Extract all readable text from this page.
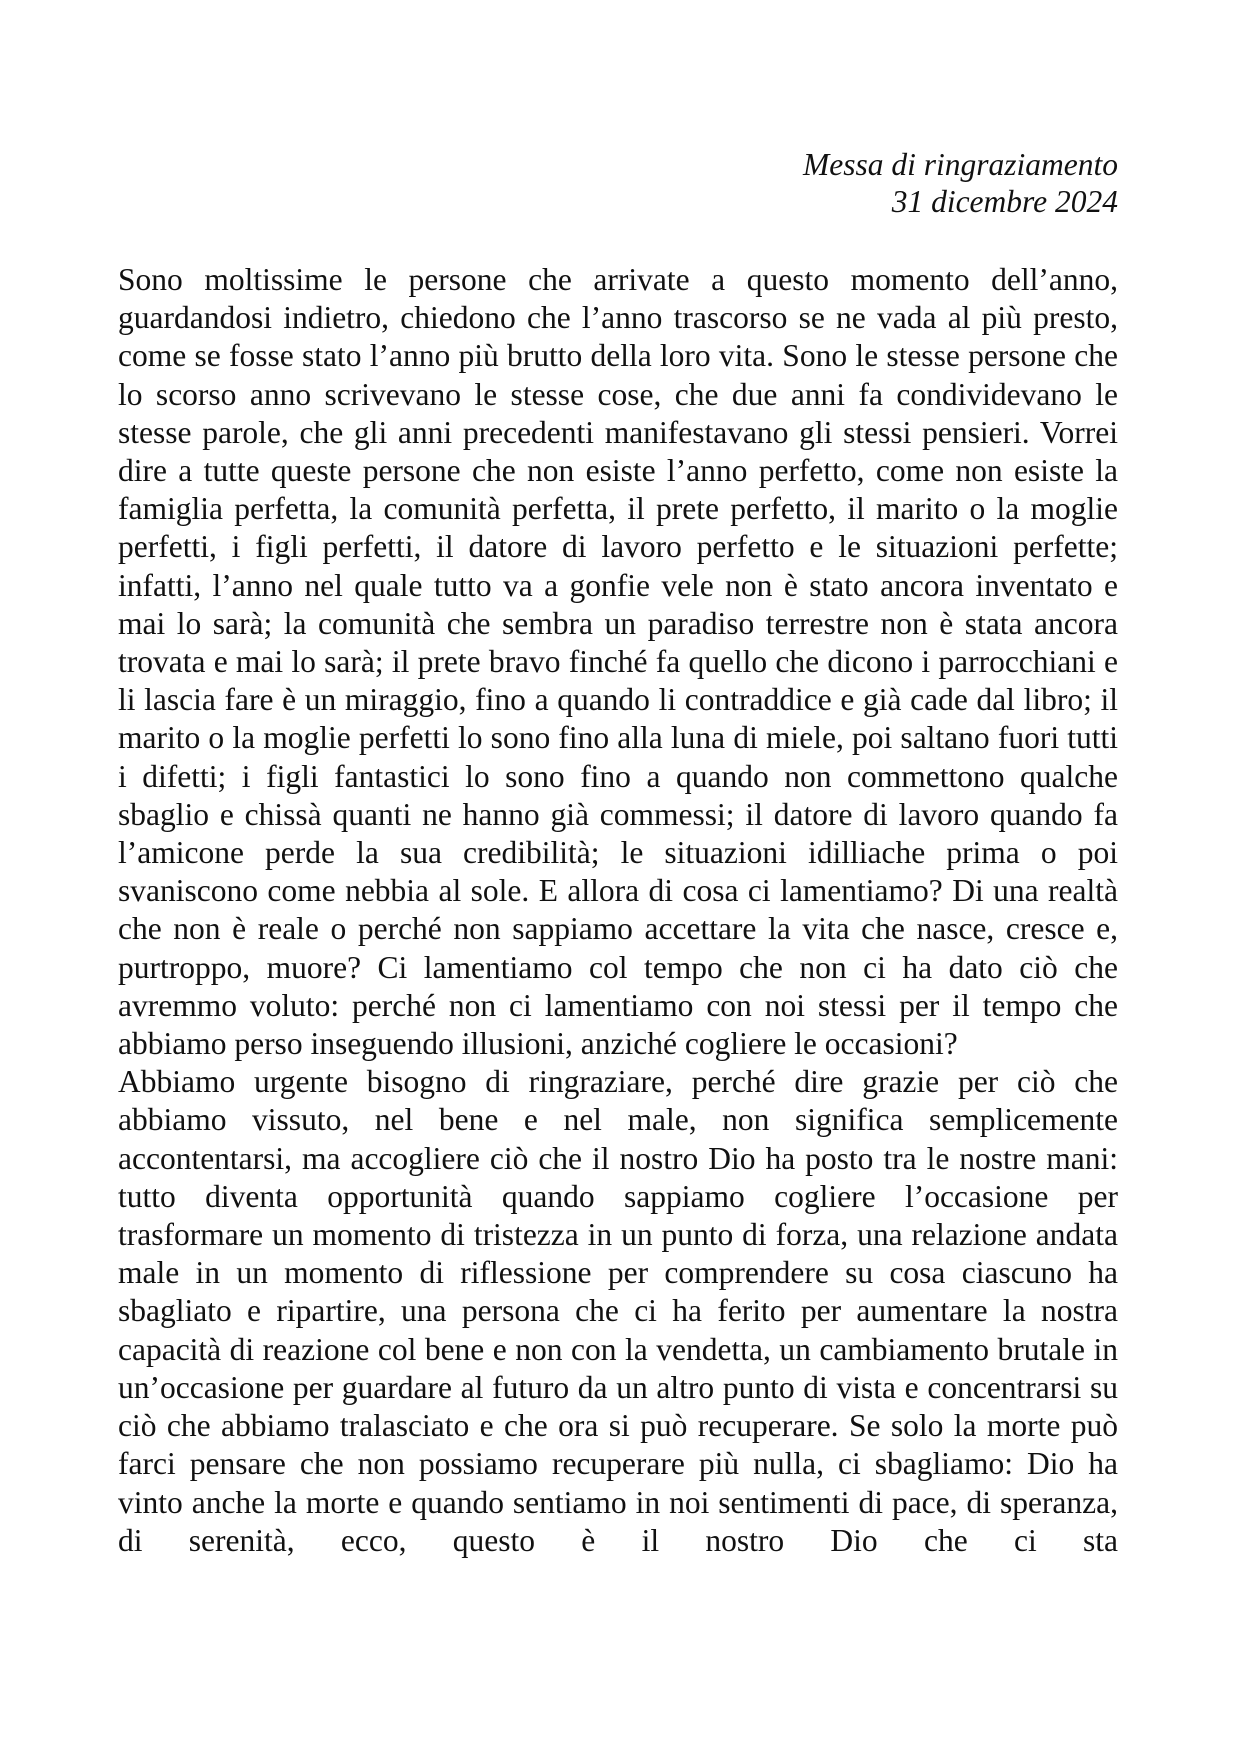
Messa di ringraziamento
31 dicembre 2024

Sono moltissime le persone che arrivate a questo momento dell’anno, guardandosi indietro, chiedono che l’anno trascorso se ne vada al più presto, come se fosse stato l’anno più brutto della loro vita. Sono le stesse persone che lo scorso anno scrivevano le stesse cose, che due anni fa condividevano le stesse parole, che gli anni precedenti manifestavano gli stessi pensieri. Vorrei dire a tutte queste persone che non esiste l’anno perfetto, come non esiste la famiglia perfetta, la comunità perfetta, il prete perfetto, il marito o la moglie perfetti, i figli perfetti, il datore di lavoro perfetto e le situazioni perfette; infatti, l’anno nel quale tutto va a gonfie vele non è stato ancora inventato e mai lo sarà; la comunità che sembra un paradiso terrestre non è stata ancora trovata e mai lo sarà; il prete bravo finché fa quello che dicono i parrocchiani e li lascia fare è un miraggio, fino a quando li contraddice e già cade dal libro; il marito o la moglie perfetti lo sono fino alla luna di miele, poi saltano fuori tutti i difetti; i figli fantastici lo sono fino a quando non commettono qualche sbaglio e chissà quanti ne hanno già commessi; il datore di lavoro quando fa l’amicone perde la sua credibilità; le situazioni idilliache prima o poi svaniscono come nebbia al sole. E allora di cosa ci lamentiamo? Di una realtà che non è reale o perché non sappiamo accettare la vita che nasce, cresce e, purtroppo, muore? Ci lamentiamo col tempo che non ci ha dato ciò che avremmo voluto: perché non ci lamentiamo con noi stessi per il tempo che abbiamo perso inseguendo illusioni, anziché cogliere le occasioni?

Abbiamo urgente bisogno di ringraziare, perché dire grazie per ciò che abbiamo vissuto, nel bene e nel male, non significa semplicemente accontentarsi, ma accogliere ciò che il nostro Dio ha posto tra le nostre mani: tutto diventa opportunità quando sappiamo cogliere l’occasione per trasformare un momento di tristezza in un punto di forza, una relazione andata male in un momento di riflessione per comprendere su cosa ciascuno ha sbagliato e ripartire, una persona che ci ha ferito per aumentare la nostra capacità di reazione col bene e non con la vendetta, un cambiamento brutale in un’occasione per guardare al futuro da un altro punto di vista e concentrarsi su ciò che abbiamo tralasciato e che ora si può recuperare. Se solo la morte può farci pensare che non possiamo recuperare più nulla, ci sbagliamo: Dio ha vinto anche la morte e quando sentiamo in noi sentimenti di pace, di speranza, di serenità, ecco, questo è il nostro Dio che ci sta
